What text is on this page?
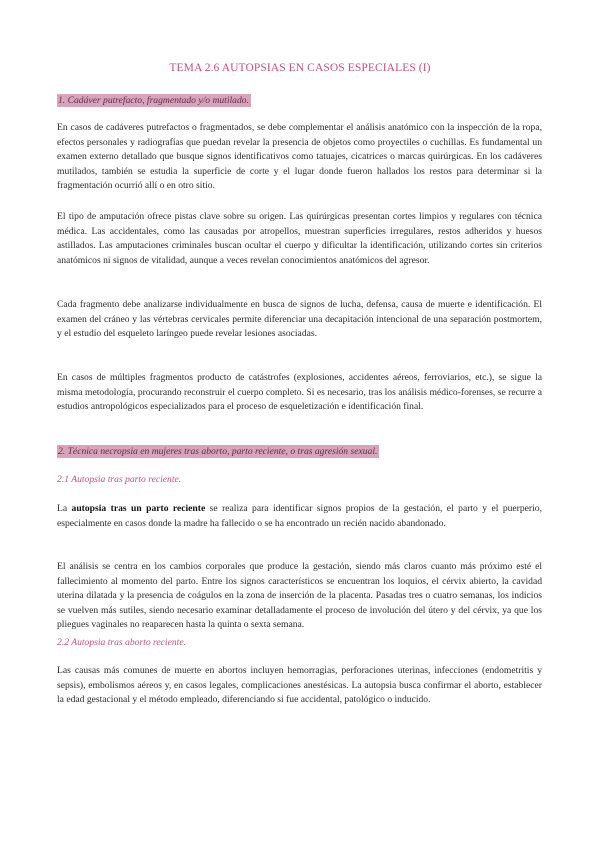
TEMA 2.6 AUTOPSIAS EN CASOS ESPECIALES (I)
1. Cadáver putrefacto, fragmentado y/o mutilado.

En casos de cadáveres putrefactos o fragmentados, se debe complementar el análisis anatómico con la inspección de la ropa, efectos personales y radiografías que puedan revelar la presencia de objetos como proyectiles o cuchillas. Es fundamental un examen externo detallado que busque signos identificativos como tatuajes, cicatrices o marcas quirúrgicas. En los cadáveres mutilados, también se estudia la superficie de corte y el lugar donde fueron hallados los restos para determinar si la fragmentación ocurrió allí o en otro sitio.

El tipo de amputación ofrece pistas clave sobre su origen. Las quirúrgicas presentan cortes limpios y regulares con técnica médica. Las accidentales, como las causadas por atropellos, muestran superficies irregulares, restos adheridos y huesos astillados. Las amputaciones criminales buscan ocultar el cuerpo y dificultar la identificación, utilizando cortes sin criterios anatómicos ni signos de vitalidad, aunque a veces revelan conocimientos anatómicos del agresor.

Cada fragmento debe analizarse individualmente en busca de signos de lucha, defensa, causa de muerte e identificación. El examen del cráneo y las vértebras cervicales permite diferenciar una decapitación intencional de una separación postmortem, y el estudio del esqueleto laríngeo puede revelar lesiones asociadas.

En casos de múltiples fragmentos producto de catástrofes (explosiones, accidentes aéreos, ferroviarios, etc.), se sigue la misma metodología, procurando reconstruir el cuerpo completo. Si es necesario, tras los análisis médico-forenses, se recurre a estudios antropológicos especializados para el proceso de esqueletización e identificación final.

2. Técnica necropsia en mujeres tras aborto, parto reciente, o tras agresión sexual.
2.1 Autopsia tras parto reciente.

La autopsia tras un parto reciente se realiza para identificar signos propios de la gestación, el parto y el puerperio, especialmente en casos donde la madre ha fallecido o se ha encontrado un recién nacido abandonado.

El análisis se centra en los cambios corporales que produce la gestación, siendo más claros cuanto más próximo esté el fallecimiento al momento del parto. Entre los signos característicos se encuentran los loquios, el cérvix abierto, la cavidad uterina dilatada y la presencia de coágulos en la zona de inserción de la placenta. Pasadas tres o cuatro semanas, los indicios se vuelven más sutiles, siendo necesario examinar detalladamente el proceso de involución del útero y del cérvix, ya que los pliegues vaginales no reaparecen hasta la quinta o sexta semana.

2.2 Autopsia tras aborto reciente.

Las causas más comunes de muerte en abortos incluyen hemorragias, perforaciones uterinas, infecciones (endometritis y sepsis), embolismos aéreos y, en casos legales, complicaciones anestésicas. La autopsia busca confirmar el aborto, establecer la edad gestacional y el método empleado, diferenciando si fue accidental, patológico o inducido.
